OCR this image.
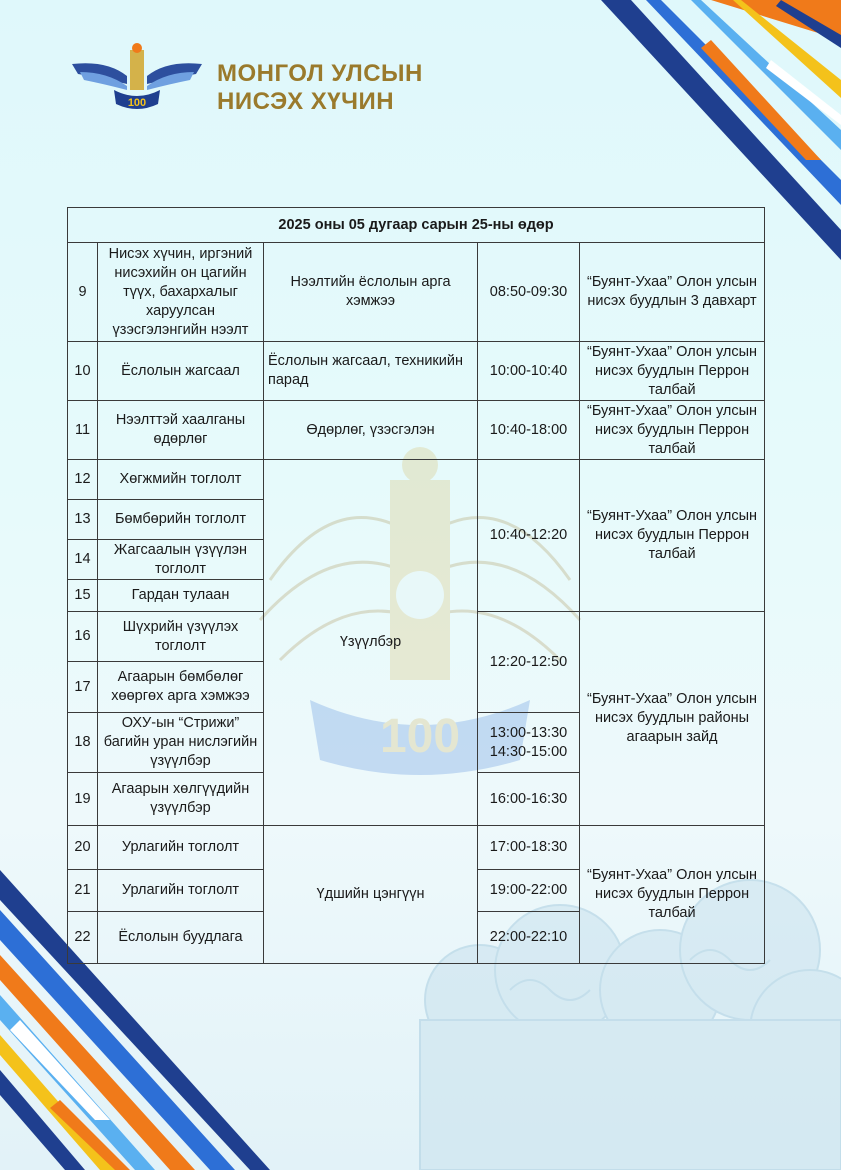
100
100
МОНГОЛ УЛСЫН
НИСЭХ ХҮЧИН
2025 оны 05 дугаар сарын 25-ны өдөр				
9	Нисэх хүчин, иргэний нисэхийн он цагийн түүх, бахархалыг харуулсан үзэсгэлэнгийн нээлт	Нээлтийн ёслолын арга хэмжээ	08:50-09:30	“Буянт-Ухаа” Олон улсын нисэх буудлын 3 давхарт
10	Ёслолын жагсаал	Ёслолын жагсаал, техникийн парад	10:00-10:40	“Буянт-Ухаа” Олон улсын нисэх буудлын Перрон талбай
11	Нээлттэй хаалганы өдөрлөг	Өдөрлөг, үзэсгэлэн	10:40-18:00	“Буянт-Ухаа” Олон улсын нисэх буудлын Перрон талбай
12	Хөгжмийн тоглолт	Үзүүлбэр	10:40-12:20	“Буянт-Ухаа” Олон улсын нисэх буудлын Перрон талбай
13	Бөмбөрийн тоглолт			
14	Жагсаалын үзүүлэн тоглолт			
15	Гардан тулаан			
16	Шүхрийн үзүүлэх тоглолт		12:20-12:50	“Буянт-Ухаа” Олон улсын нисэх буудлын районы агаарын зайд
17	Агаарын бөмбөлөг хөөргөх арга хэмжээ			
18	ОХУ-ын “Стрижи” багийн уран нислэгийн үзүүлбэр		13:00-13:30
14:30-15:00	

19	Агаарын хөлгүүдийн үзүүлбэр		16:00-16:30	
20	Урлагийн тоглолт	Үдшийн цэнгүүн	17:00-18:30	“Буянт-Ухаа” Олон улсын нисэх буудлын Перрон талбай
21	Урлагийн тоглолт		19:00-22:00	
22	Ёслолын буудлага		22:00-22:10	
